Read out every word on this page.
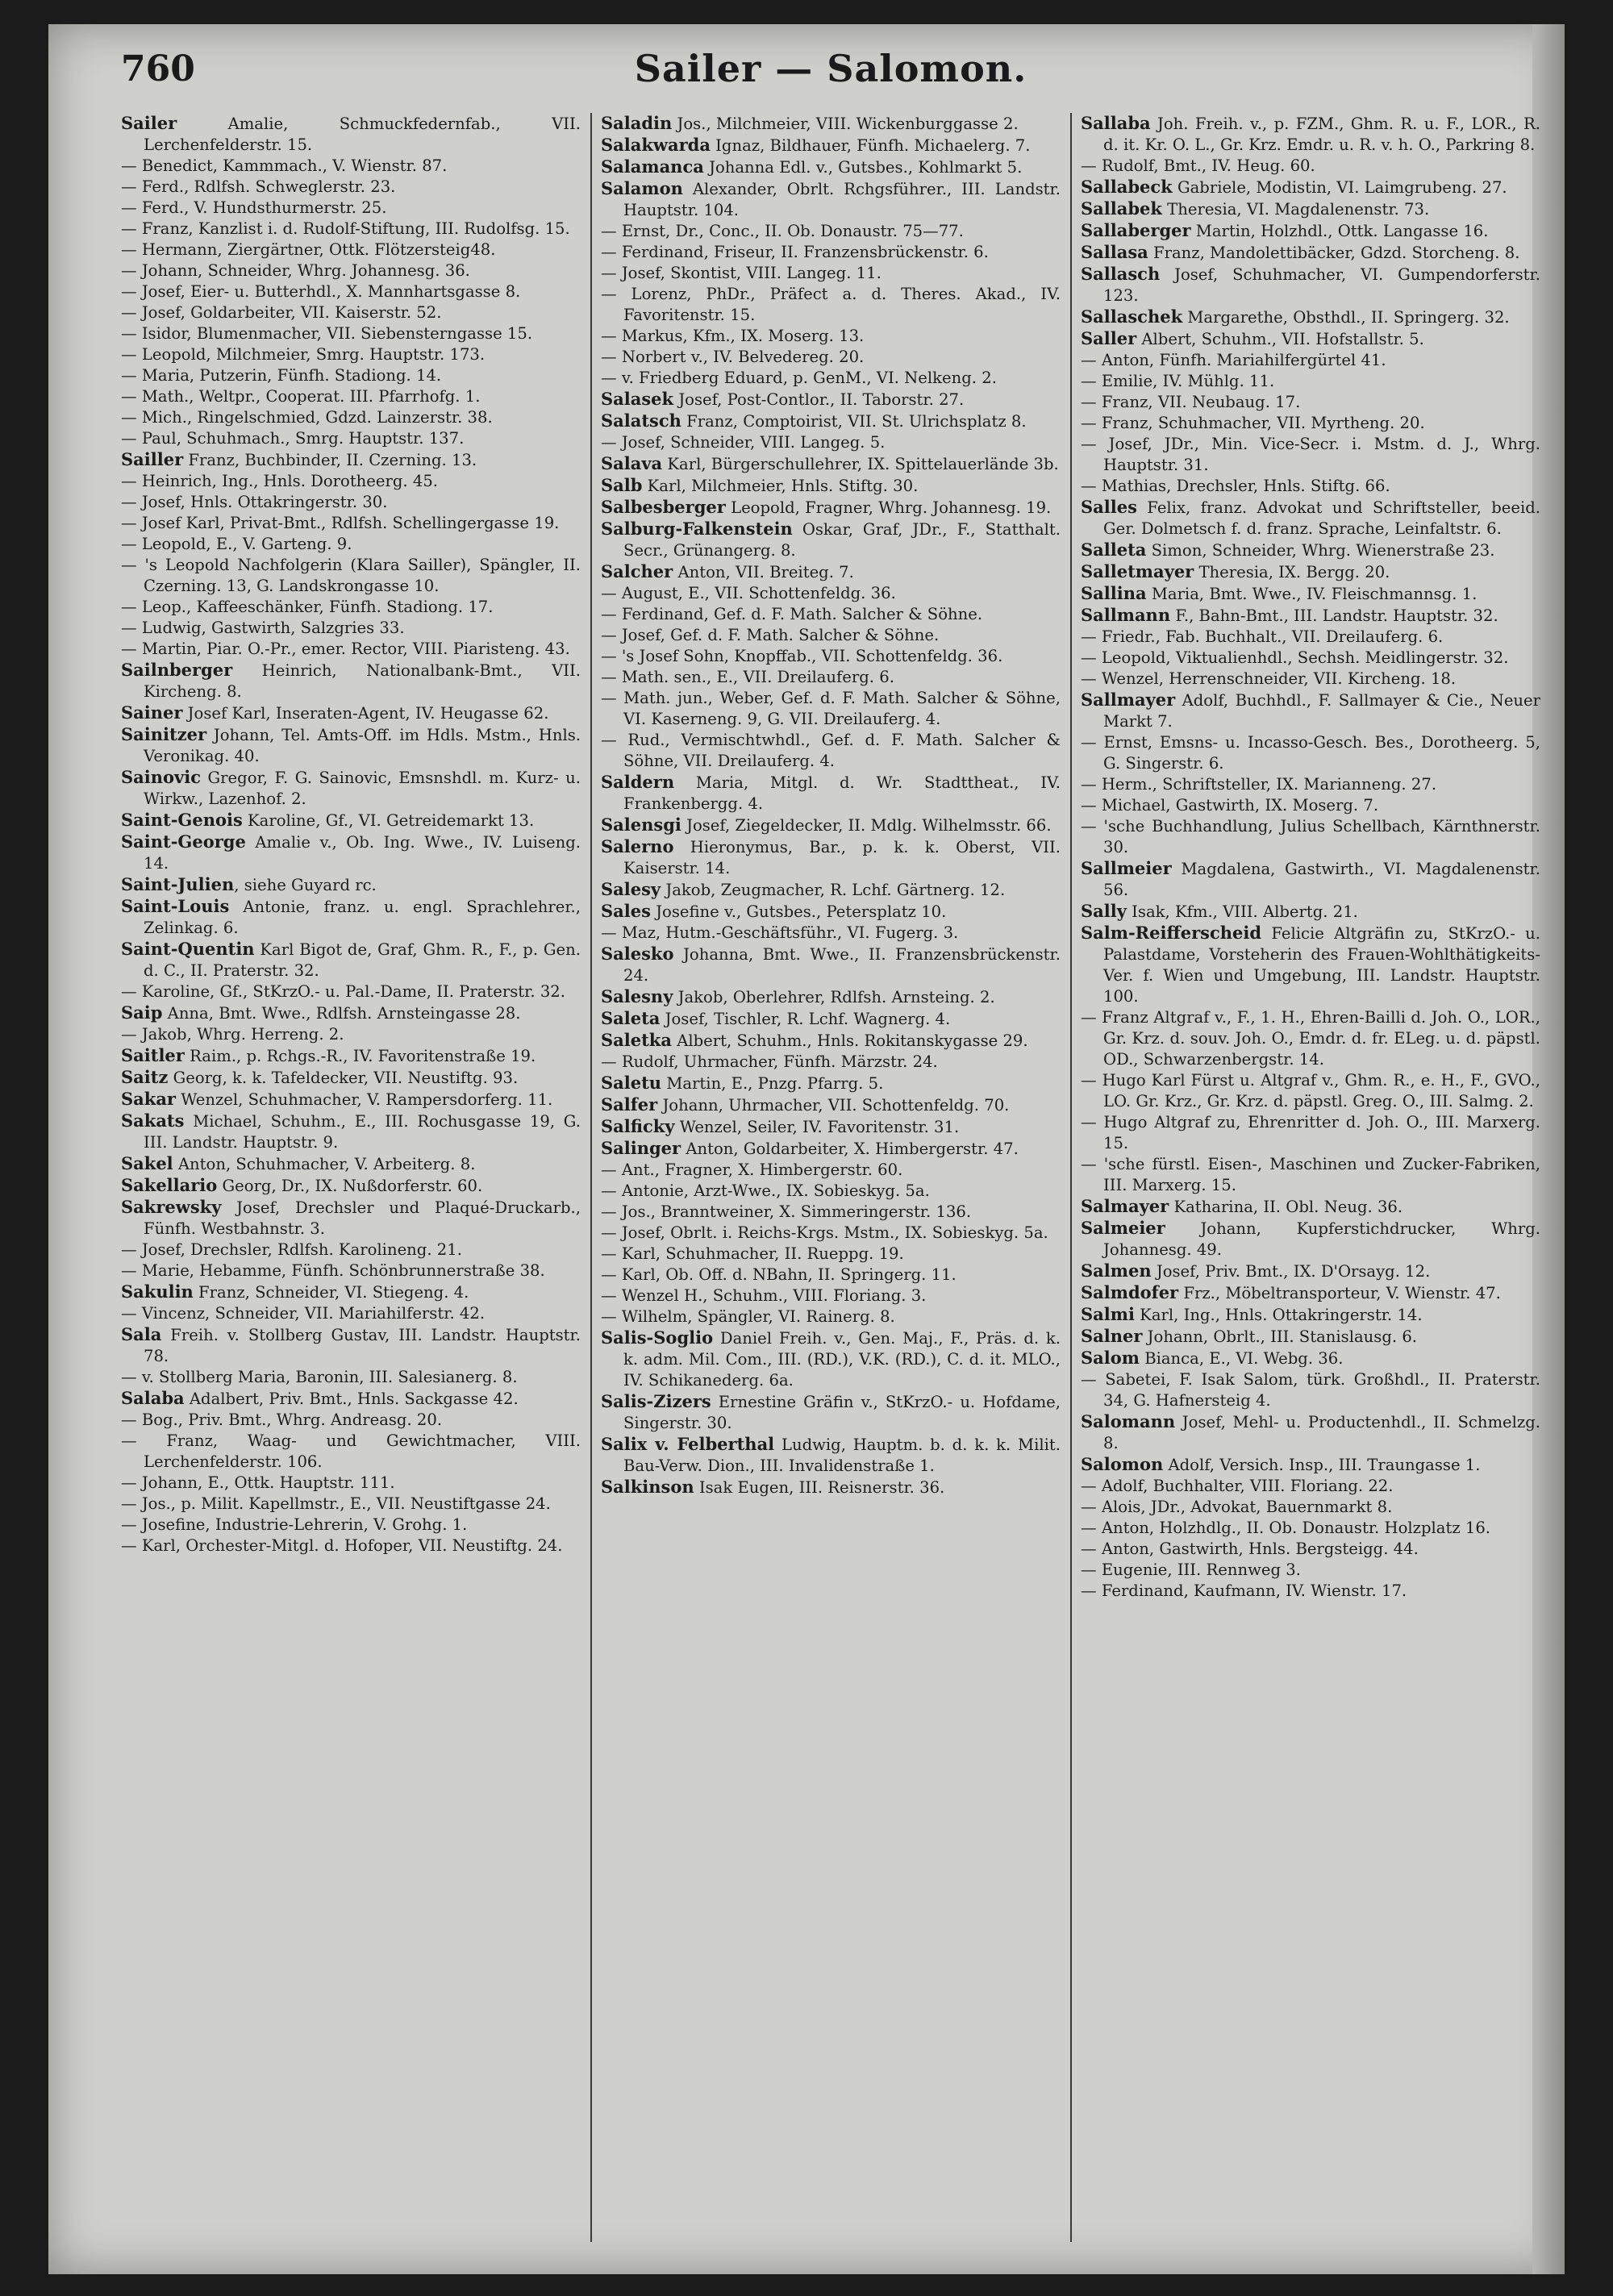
760	Sailer — Salomon.
Sailer Amalie, Schmuckfedernfab., VII. Lerchenfelderstr. 15.
— Benedict, Kammmach., V. Wienstr. 87.
— Ferd., Rdlfsh. Schweglerstr. 23.
— Ferd., V. Hundsthurmerstr. 25.
— Franz, Kanzlist i. d. Rudolf-Stiftung, III. Rudolfsg. 15.
— Hermann, Ziergärtner, Ottk. Flötzersteig48.
— Johann, Schneider, Whrg. Johannesg. 36.
— Josef, Eier- u. Butterhdl., X. Mannhartsgasse 8.
— Josef, Goldarbeiter, VII. Kaiserstr. 52.
— Isidor, Blumenmacher, VII. Siebensterngasse 15.
— Leopold, Milchmeier, Smrg. Hauptstr. 173.
— Maria, Putzerin, Fünfh. Stadiong. 14.
— Math., Weltpr., Cooperat. III. Pfarrhofg. 1.
— Mich., Ringelschmied, Gdzd. Lainzerstr. 38.
— Paul, Schuhmach., Smrg. Hauptstr. 137.
Sailler Franz, Buchbinder, II. Czerning. 13.
— Heinrich, Ing., Hnls. Dorotheerg. 45.
— Josef, Hnls. Ottakringerstr. 30.
— Josef Karl, Privat-Bmt., Rdlfsh. Schellingergasse 19.
— Leopold, E., V. Garteng. 9.
— 's Leopold Nachfolgerin (Klara Sailler), Spängler, II. Czerning. 13, G. Landskrongasse 10.
— Leop., Kaffeeschänker, Fünfh. Stadiong. 17.
— Ludwig, Gastwirth, Salzgries 33.
— Martin, Piar. O.-Pr., emer. Rector, VIII. Piaristeng. 43.
Sailnberger Heinrich, Nationalbank-Bmt., VII. Kircheng. 8.
Sainer Josef Karl, Inseraten-Agent, IV. Heugasse 62.
Sainitzer Johann, Tel. Amts-Off. im Hdls. Mstm., Hnls. Veronikag. 40.
Sainovic Gregor, F. G. Sainovic, Emsnshdl. m. Kurz- u. Wirkw., Lazenhof. 2.
Saint-Genois Karoline, Gf., VI. Getreidemarkt 13.
Saint-George Amalie v., Ob. Ing. Wwe., IV. Luiseng. 14.
Saint-Julien, siehe Guyard rc.
Saint-Louis Antonie, franz. u. engl. Sprachlehrer., Zelinkag. 6.
Saint-Quentin Karl Bigot de, Graf, Ghm. R., F., p. Gen. d. C., II. Praterstr. 32.
— Karoline, Gf., StKrzO.- u. Pal.-Dame, II. Praterstr. 32.
Saip Anna, Bmt. Wwe., Rdlfsh. Arnsteingasse 28.
— Jakob, Whrg. Herreng. 2.
Saitler Raim., p. Rchgs.-R., IV. Favoritenstraße 19.
Saitz Georg, k. k. Tafeldecker, VII. Neustiftg. 93.
Sakar Wenzel, Schuhmacher, V. Rampersdorferg. 11.
Sakats Michael, Schuhm., E., III. Rochusgasse 19, G. III. Landstr. Hauptstr. 9.
Sakel Anton, Schuhmacher, V. Arbeiterg. 8.
Sakellario Georg, Dr., IX. Nußdorferstr. 60.
Sakrewsky Josef, Drechsler und Plaqué-Druckarb., Fünfh. Westbahnstr. 3.
— Josef, Drechsler, Rdlfsh. Karolineng. 21.
— Marie, Hebamme, Fünfh. Schönbrunnerstraße 38.
Sakulin Franz, Schneider, VI. Stiegeng. 4.
— Vincenz, Schneider, VII. Mariahilferstr. 42.
Sala Freih. v. Stollberg Gustav, III. Landstr. Hauptstr. 78.
— v. Stollberg Maria, Baronin, III. Salesianerg. 8.
Salaba Adalbert, Priv. Bmt., Hnls. Sackgasse 42.
— Bog., Priv. Bmt., Whrg. Andreasg. 20.
— Franz, Waag- und Gewichtmacher, VIII. Lerchenfelderstr. 106.
— Johann, E., Ottk. Hauptstr. 111.
— Jos., p. Milit. Kapellmstr., E., VII. Neustiftgasse 24.
— Josefine, Industrie-Lehrerin, V. Grohg. 1.
— Karl, Orchester-Mitgl. d. Hofoper, VII. Neustiftg. 24.
Saladin Jos., Milchmeier, VIII. Wickenburggasse 2.
Salakwarda Ignaz, Bildhauer, Fünfh. Michaelerg. 7.
Salamanca Johanna Edl. v., Gutsbes., Kohlmarkt 5.
Salamon Alexander, Obrlt. Rchgsführer., III. Landstr. Hauptstr. 104.
— Ernst, Dr., Conc., II. Ob. Donaustr. 75—77.
— Ferdinand, Friseur, II. Franzensbrückenstr. 6.
— Josef, Skontist, VIII. Langeg. 11.
— Lorenz, PhDr., Präfect a. d. Theres. Akad., IV. Favoritenstr. 15.
— Markus, Kfm., IX. Moserg. 13.
— Norbert v., IV. Belvedereg. 20.
— v. Friedberg Eduard, p. GenM., VI. Nelkeng. 2.
Salasek Josef, Post-Contlor., II. Taborstr. 27.
Salatsch Franz, Comptoirist, VII. St. Ulrichsplatz 8.
— Josef, Schneider, VIII. Langeg. 5.
Salava Karl, Bürgerschullehrer, IX. Spittelauerlände 3b.
Salb Karl, Milchmeier, Hnls. Stiftg. 30.
Salbesberger Leopold, Fragner, Whrg. Johannesg. 19.
Salburg-Falkenstein Oskar, Graf, JDr., F., Statthalt. Secr., Grünangerg. 8.
Salcher Anton, VII. Breiteg. 7.
— August, E., VII. Schottenfeldg. 36.
— Ferdinand, Gef. d. F. Math. Salcher & Söhne.
— Josef, Gef. d. F. Math. Salcher & Söhne.
— 's Josef Sohn, Knopffab., VII. Schottenfeldg. 36.
— Math. sen., E., VII. Dreilauferg. 6.
— Math. jun., Weber, Gef. d. F. Math. Salcher & Söhne, VI. Kaserneng. 9, G. VII. Dreilauferg. 4.
— Rud., Vermischtwhdl., Gef. d. F. Math. Salcher & Söhne, VII. Dreilauferg. 4.
Saldern Maria, Mitgl. d. Wr. Stadttheat., IV. Frankenbergg. 4.
Salensgi Josef, Ziegeldecker, II. Mdlg. Wilhelmsstr. 66.
Salerno Hieronymus, Bar., p. k. k. Oberst, VII. Kaiserstr. 14.
Salesy Jakob, Zeugmacher, R. Lchf. Gärtnerg. 12.
Sales Josefine v., Gutsbes., Petersplatz 10.
— Maz, Hutm.-Geschäftsführ., VI. Fugerg. 3.
Salesko Johanna, Bmt. Wwe., II. Franzensbrückenstr. 24.
Salesny Jakob, Oberlehrer, Rdlfsh. Arnsteing. 2.
Saleta Josef, Tischler, R. Lchf. Wagnerg. 4.
Saletka Albert, Schuhm., Hnls. Rokitanskygasse 29.
— Rudolf, Uhrmacher, Fünfh. Märzstr. 24.
Saletu Martin, E., Pnzg. Pfarrg. 5.
Salfer Johann, Uhrmacher, VII. Schottenfeldg. 70.
Salficky Wenzel, Seiler, IV. Favoritenstr. 31.
Salinger Anton, Goldarbeiter, X. Himbergerstr. 47.
— Ant., Fragner, X. Himbergerstr. 60.
— Antonie, Arzt-Wwe., IX. Sobieskyg. 5a.
— Jos., Branntweiner, X. Simmeringerstr. 136.
— Josef, Obrlt. i. Reichs-Krgs. Mstm., IX. Sobieskyg. 5a.
— Karl, Schuhmacher, II. Rueppg. 19.
— Karl, Ob. Off. d. NBahn, II. Springerg. 11.
— Wenzel H., Schuhm., VIII. Floriang. 3.
— Wilhelm, Spängler, VI. Rainerg. 8.
Salis-Soglio Daniel Freih. v., Gen. Maj., F., Präs. d. k. k. adm. Mil. Com., III. (RD.), V.K. (RD.), C. d. it. MLO., IV. Schikanederg. 6a.
Salis-Zizers Ernestine Gräfin v., StKrzO.- u. Hofdame, Singerstr. 30.
Salix v. Felberthal Ludwig, Hauptm. b. d. k. k. Milit. Bau-Verw. Dion., III. Invalidenstraße 1.
Salkinson Isak Eugen, III. Reisnerstr. 36.
Sallaba Joh. Freih. v., p. FZM., Ghm. R. u. F., LOR., R. d. it. Kr. O. L., Gr. Krz. Emdr. u. R. v. h. O., Parkring 8.
— Rudolf, Bmt., IV. Heug. 60.
Sallabeck Gabriele, Modistin, VI. Laimgrubeng. 27.
Sallabek Theresia, VI. Magdalenenstr. 73.
Sallaberger Martin, Holzhdl., Ottk. Langasse 16.
Sallasa Franz, Mandolettibäcker, Gdzd. Storcheng. 8.
Sallasch Josef, Schuhmacher, VI. Gumpendorferstr. 123.
Sallaschek Margarethe, Obsthdl., II. Springerg. 32.
Saller Albert, Schuhm., VII. Hofstallstr. 5.
— Anton, Fünfh. Mariahilfergürtel 41.
— Emilie, IV. Mühlg. 11.
— Franz, VII. Neubaug. 17.
— Franz, Schuhmacher, VII. Myrtheng. 20.
— Josef, JDr., Min. Vice-Secr. i. Mstm. d. J., Whrg. Hauptstr. 31.
— Mathias, Drechsler, Hnls. Stiftg. 66.
Salles Felix, franz. Advokat und Schriftsteller, beeid. Ger. Dolmetsch f. d. franz. Sprache, Leinfaltstr. 6.
Salleta Simon, Schneider, Whrg. Wienerstraße 23.
Salletmayer Theresia, IX. Bergg. 20.
Sallina Maria, Bmt. Wwe., IV. Fleischmannsg. 1.
Sallmann F., Bahn-Bmt., III. Landstr. Hauptstr. 32.
— Friedr., Fab. Buchhalt., VII. Dreilauferg. 6.
— Leopold, Viktualienhdl., Sechsh. Meidlingerstr. 32.
— Wenzel, Herrenschneider, VII. Kircheng. 18.
Sallmayer Adolf, Buchhdl., F. Sallmayer & Cie., Neuer Markt 7.
— Ernst, Emsns- u. Incasso-Gesch. Bes., Dorotheerg. 5, G. Singerstr. 6.
— Herm., Schriftsteller, IX. Marianneng. 27.
— Michael, Gastwirth, IX. Moserg. 7.
— 'sche Buchhandlung, Julius Schellbach, Kärnthnerstr. 30.
Sallmeier Magdalena, Gastwirth., VI. Magdalenenstr. 56.
Sally Isak, Kfm., VIII. Albertg. 21.
Salm-Reifferscheid Felicie Altgräfin zu, StKrzO.- u. Palastdame, Vorsteherin des Frauen-Wohlthätigkeits-Ver. f. Wien und Umgebung, III. Landstr. Hauptstr. 100.
— Franz Altgraf v., F., 1. H., Ehren-Bailli d. Joh. O., LOR., Gr. Krz. d. souv. Joh. O., Emdr. d. fr. ELeg. u. d. päpstl. OD., Schwarzenbergstr. 14.
— Hugo Karl Fürst u. Altgraf v., Ghm. R., e. H., F., GVO., LO. Gr. Krz., Gr. Krz. d. päpstl. Greg. O., III. Salmg. 2.
— Hugo Altgraf zu, Ehrenritter d. Joh. O., III. Marxerg. 15.
— 'sche fürstl. Eisen-, Maschinen und Zucker-Fabriken, III. Marxerg. 15.
Salmayer Katharina, II. Obl. Neug. 36.
Salmeier Johann, Kupferstichdrucker, Whrg. Johannesg. 49.
Salmen Josef, Priv. Bmt., IX. D'Orsayg. 12.
Salmdofer Frz., Möbeltransporteur, V. Wienstr. 47.
Salmi Karl, Ing., Hnls. Ottakringerstr. 14.
Salner Johann, Obrlt., III. Stanislausg. 6.
Salom Bianca, E., VI. Webg. 36.
— Sabetei, F. Isak Salom, türk. Großhdl., II. Praterstr. 34, G. Hafnersteig 4.
Salomann Josef, Mehl- u. Productenhdl., II. Schmelzg. 8.
Salomon Adolf, Versich. Insp., III. Traungasse 1.
— Adolf, Buchhalter, VIII. Floriang. 22.
— Alois, JDr., Advokat, Bauernmarkt 8.
— Anton, Holzhdlg., II. Ob. Donaustr. Holzplatz 16.
— Anton, Gastwirth, Hnls. Bergsteigg. 44.
— Eugenie, III. Rennweg 3.
— Ferdinand, Kaufmann, IV. Wienstr. 17.
